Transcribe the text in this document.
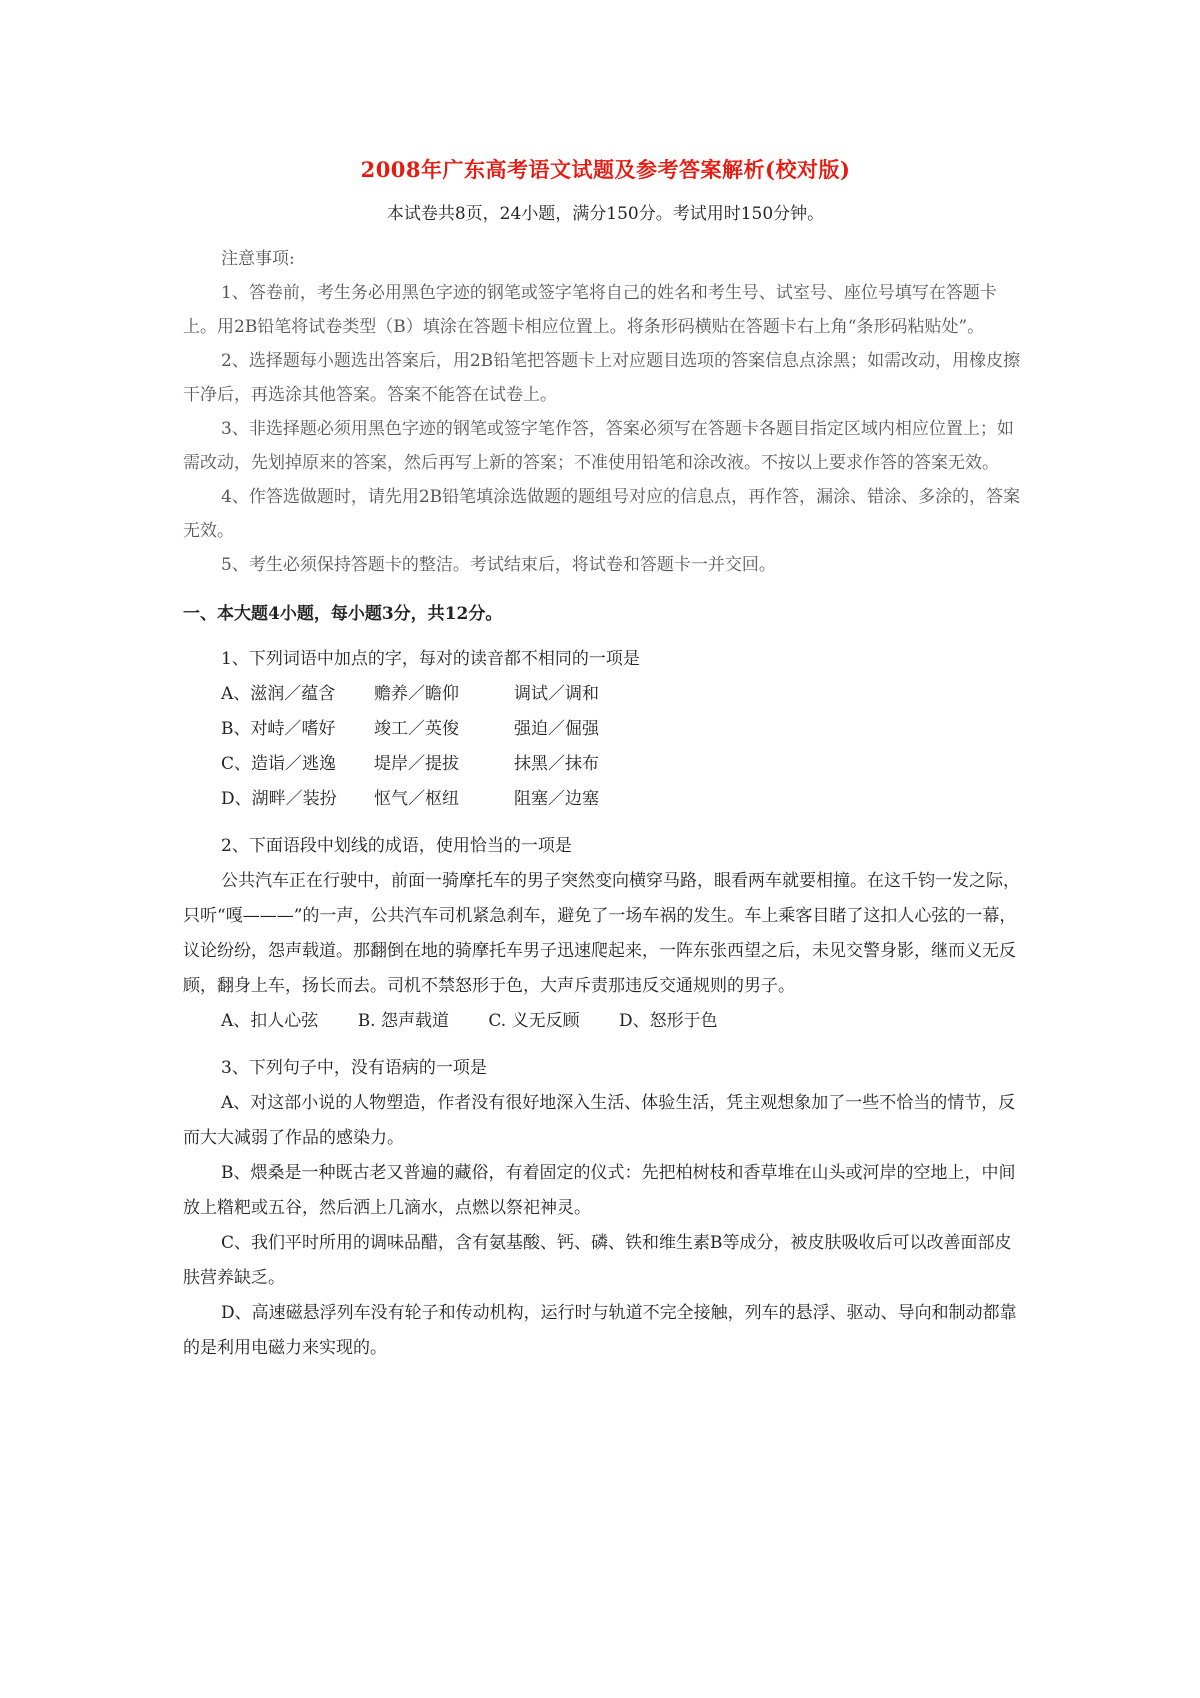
2008年广东高考语文试题及参考答案解析(校对版)
本试卷共8页，24小题，满分150分。考试用时150分钟。
注意事项:

1、答卷前，考生务必用黑色字迹的钢笔或签字笔将自己的姓名和考生号、试室号、座位号填写在答题卡上。用2B铅笔将试卷类型（B）填涂在答题卡相应位置上。将条形码横贴在答题卡右上角“条形码粘贴处”。

2、选择题每小题选出答案后，用2B铅笔把答题卡上对应题目选项的答案信息点涂黑；如需改动，用橡皮擦干净后，再选涂其他答案。答案不能答在试卷上。

3、非选择题必须用黑色字迹的钢笔或签字笔作答，答案必须写在答题卡各题目指定区域内相应位置上；如需改动，先划掉原来的答案，然后再写上新的答案；不准使用铅笔和涂改液。不按以上要求作答的答案无效。

4、作答选做题时，请先用2B铅笔填涂选做题的题组号对应的信息点，再作答，漏涂、错涂、多涂的，答案无效。

5、考生必须保持答题卡的整洁。考试结束后，将试卷和答题卡一并交回。

一、本大题4小题，每小题3分，共12分。

1、下列词语中加点的字，每对的读音都不相同的一项是

A、滋润／蕴含	赡养／瞻仰	调试／调和
B、对峙／嗜好	竣工／英俊	强迫／倔强
C、造诣／逃逸	堤岸／提拔	抹黑／抹布
D、湖畔／装扮	怄气／枢纽	阻塞／边塞

2、下面语段中划线的成语，使用恰当的一项是

公共汽车正在行驶中，前面一骑摩托车的男子突然变向横穿马路，眼看两车就要相撞。在这千钧一发之际，只听“嘎———”的一声，公共汽车司机紧急刹车，避免了一场车祸的发生。车上乘客目睹了这扣人心弦的一幕，议论纷纷，怨声载道。那翻倒在地的骑摩托车男子迅速爬起来，一阵东张西望之后，未见交警身影，继而义无反顾，翻身上车，扬长而去。司机不禁怒形于色，大声斥责那违反交通规则的男子。

A、扣人心弦 B. 怨声载道 C. 义无反顾 D、怒形于色

3、下列句子中，没有语病的一项是

A、对这部小说的人物塑造，作者没有很好地深入生活、体验生活，凭主观想象加了一些不恰当的情节，反而大大减弱了作品的感染力。

B、煨桑是一种既古老又普遍的藏俗，有着固定的仪式：先把柏树枝和香草堆在山头或河岸的空地上，中间放上糌粑或五谷，然后洒上几滴水，点燃以祭祀神灵。

C、我们平时所用的调味品醋，含有氨基酸、钙、磷、铁和维生素B等成分，被皮肤吸收后可以改善面部皮肤营养缺乏。

D、高速磁悬浮列车没有轮子和传动机构，运行时与轨道不完全接触，列车的悬浮、驱动、导向和制动都靠的是利用电磁力来实现的。
